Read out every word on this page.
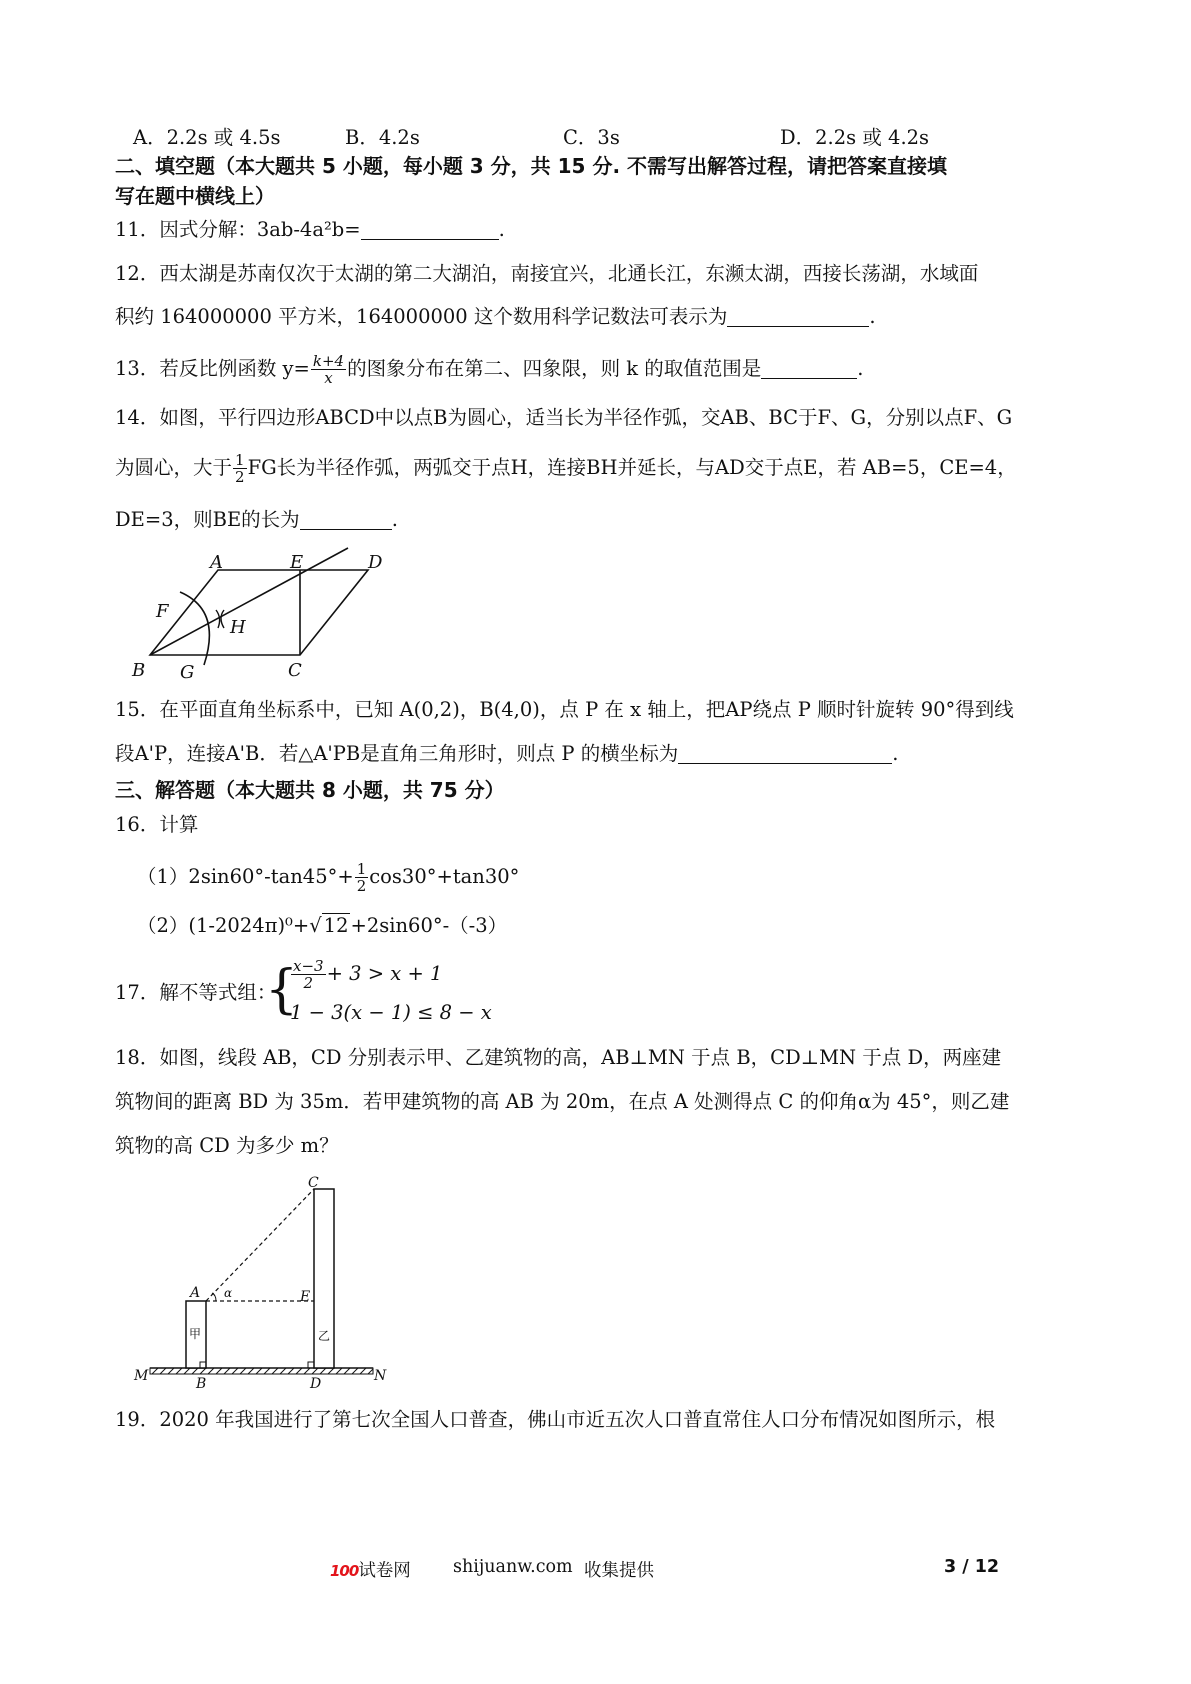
A．2.2s 或 4.5s	B．4.2s	C．3s	D．2.2s 或 4.2s
二、填空题（本大题共 5 小题，每小题 3 分，共 15 分. 不需写出解答过程，请把答案直接填
写在题中横线上）
11．因式分解：3ab-4a²b=	.
12．西太湖是苏南仅次于太湖的第二大湖泊，南接宜兴，北通长江，东濒太湖，西接长荡湖，水域面
积约 164000000 平方米，164000000 这个数用科学记数法可表示为	.
13．若反比例函数 $y= \frac{k+4}{x}$ 的图象分布在第二、四象限，则 k 的取值范围是	.
14．如图，平行四边形ABCD中以点B为圆心，适当长为半径作弧，交AB、BC于F、G，分别以点F、G
为圆心，大于 $\frac{1}{2}$ FG长为半径作弧，两弧交于点H，连接BH并延长，与AD交于点E，若 AB=5，CE=4，
DE=3，则BE的长为	.
A	E	D
F
H
B G	C
15．在平面直角坐标系中，已知 A(0,2)，B(4,0)，点 P 在 x 轴上，把AP绕点 P 顺时针旋转 90°得到线
段A'P，连接A'B．若△A'PB是直角三角形时，则点 P 的横坐标为	.
三、解答题（本大题共 8 小题，共 75 分）
16．计算
$(1)2\sin 60^\circ-\tan 45^\circ+ \frac{1}{2} \cos 30^\circ+\tan 30^\circ$
（2）(1-2024π)⁰+√ 12 +2sin60°-（-3）
17．解不等式组：
{
$\frac{x-3}{2} + 3 > x + 1$
1 − 3(x − 1) ≤ 8 − x
18．如图，线段 AB，CD 分别表示甲、乙建筑物的高，AB⊥MN 于点 B，CD⊥MN 于点 D，两座建
筑物间的距离 BD 为 35m．若甲建筑物的高 AB 为 20m，在点 A 处测得点 C 的仰角α为 45°，则乙建
筑物的高 CD 为多少 m？
C
A α	E
甲	乙
M	B	D	N
19．2020 年我国进行了第七次全国人口普查，佛山市近五次人口普直常住人口分布情况如图所示，根
100试卷网 shijuanw.com 收集提供	3 / 12
